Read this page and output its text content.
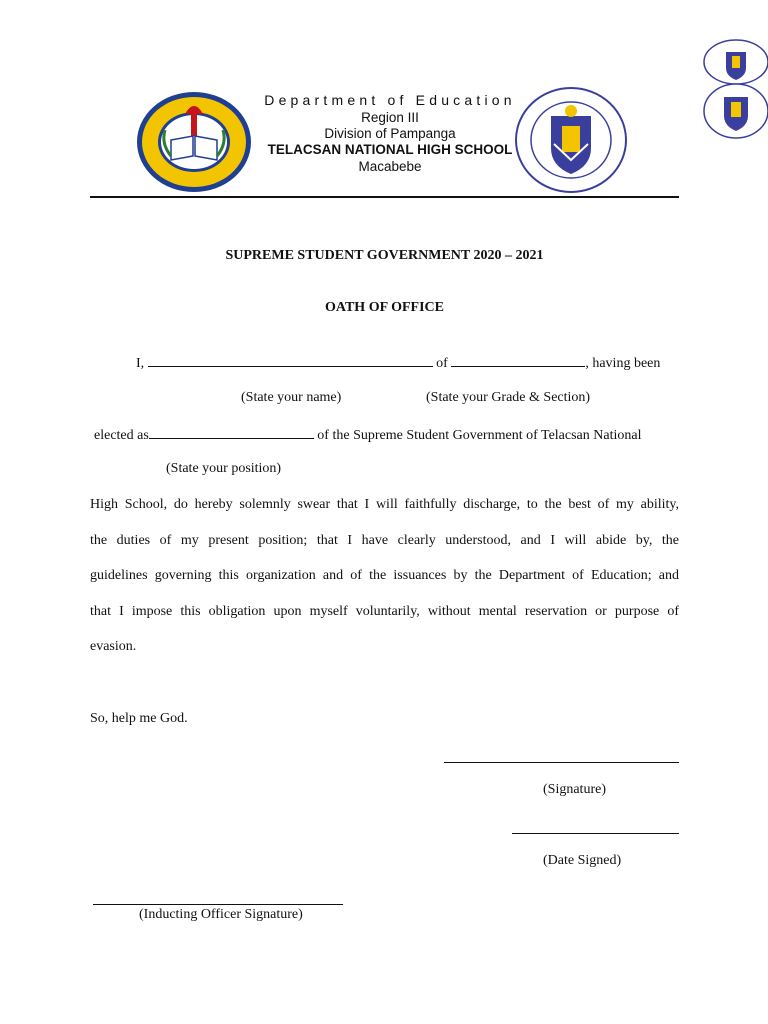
Department of Education
Region III
Division of Pampanga
TELACSAN NATIONAL HIGH SCHOOL
Macabebe
SUPREME STUDENT GOVERNMENT 2020 – 2021
OATH OF OFFICE
I,	of	, having been
(State your name)	(State your Grade & Section)
elected as	of the Supreme Student Government of Telacsan National
(State your position)
High School, do hereby solemnly swear that I will faithfully discharge, to the best of my ability,
the duties of my present position; that I have clearly understood, and I will abide by, the
guidelines governing this organization and of the issuances by the Department of Education; and
that I impose this obligation upon myself voluntarily, without mental reservation or purpose of
evasion.
So, help me God.
(Signature)
(Date Signed)
(Inducting Officer Signature)
